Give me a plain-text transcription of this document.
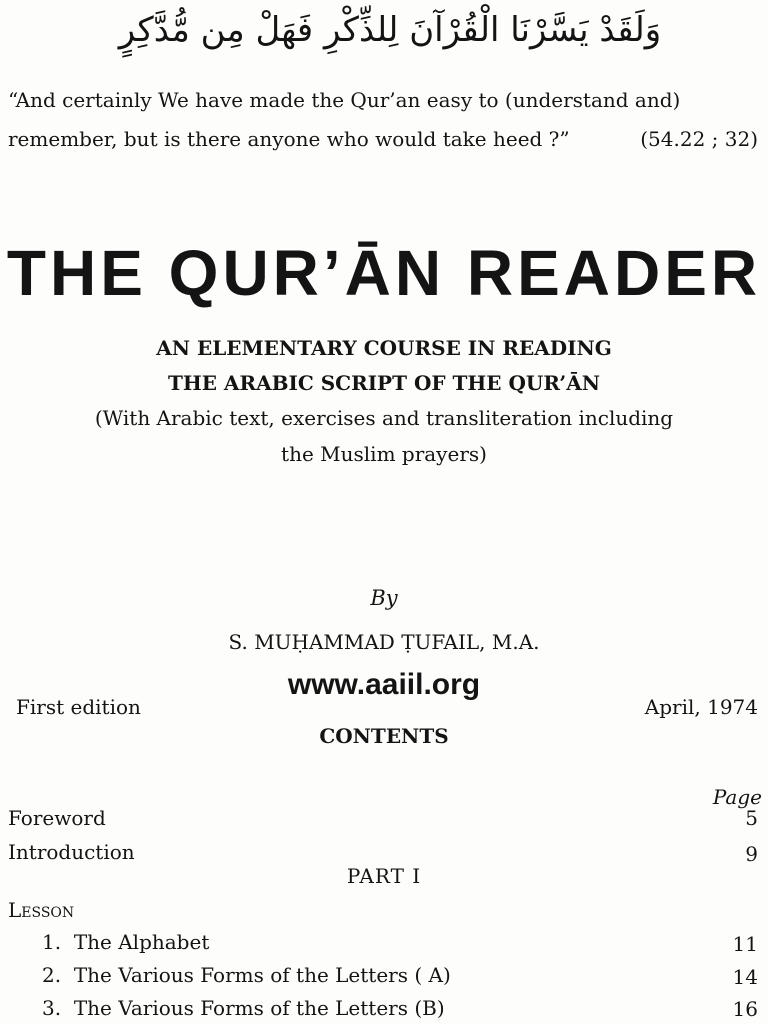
وَلَقَدْ يَسَّرْنَا الْقُرْآنَ لِلذِّكْرِ فَهَلْ مِن مُّدَّكِرٍ
“And certainly We have made the Qur’an easy to (understand and)
remember, but is there anyone who would take heed ?”	(54.22 ; 32)
THE QUR’ĀN READER
AN ELEMENTARY COURSE IN READING
THE ARABIC SCRIPT OF THE QUR’ĀN
(With Arabic text, exercises and transliteration including
the Muslim prayers)
By
S. MUḤAMMAD ṬUFAIL, M.A.
www.aaiil.org
First edition	April, 1974
CONTENTS
Page
Foreword	5
Introduction	9
PART I
Lesson
1. The Alphabet	11
2. The Various Forms of the Letters ( A)	14
3. The Various Forms of the Letters (B)	16
